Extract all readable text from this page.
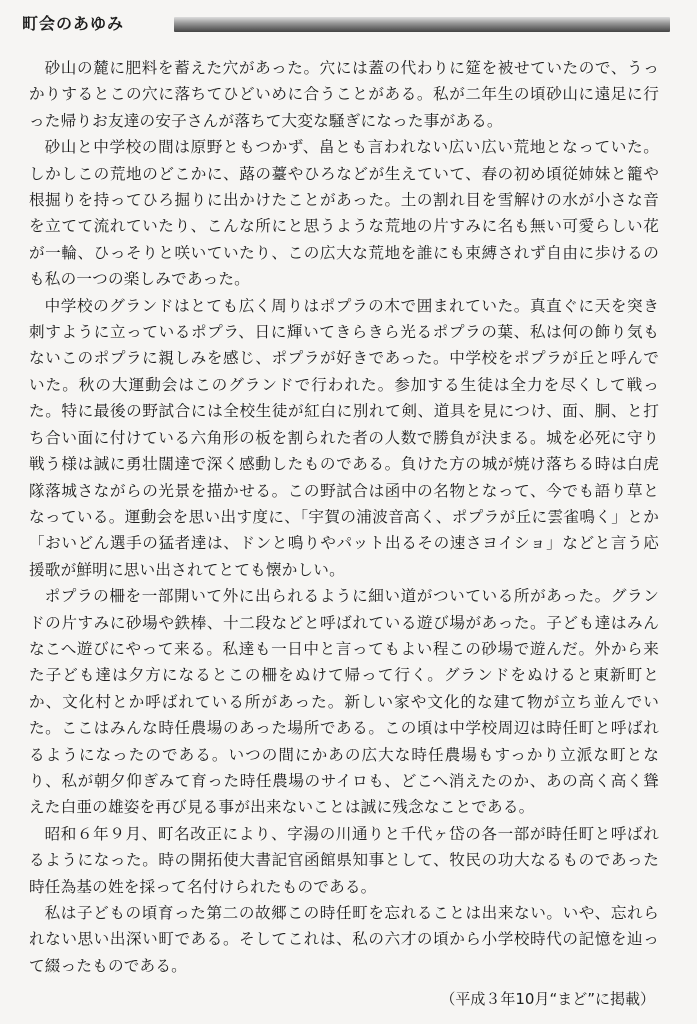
町会のあゆみ

砂山の麓に肥料を蓄えた穴があった。穴には蓋の代わりに筵を被せていたので、うっかりするとこの穴に落ちてひどいめに合うことがある。私が二年生の頃砂山に遠足に行った帰りお友達の安子さんが落ちて大変な騒ぎになった事がある。

砂山と中学校の間は原野ともつかず、畠とも言われない広い広い荒地となっていた。しかしこの荒地のどこかに、蕗の薹やひろなどが生えていて、春の初め頃従姉妹と籠や根掘りを持ってひろ掘りに出かけたことがあった。土の割れ目を雪解けの水が小さな音を立てて流れていたり、こんな所にと思うような荒地の片すみに名も無い可愛らしい花が一輪、ひっそりと咲いていたり、この広大な荒地を誰にも束縛されず自由に歩けるのも私の一つの楽しみであった。

中学校のグランドはとても広く周りはポプラの木で囲まれていた。真直ぐに天を突き刺すように立っているポプラ、日に輝いてきらきら光るポプラの葉、私は何の飾り気もないこのポプラに親しみを感じ、ポプラが好きであった。中学校をポプラが丘と呼んでいた。秋の大運動会はこのグランドで行われた。参加する生徒は全力を尽くして戦った。特に最後の野試合には全校生徒が紅白に別れて剣、道具を見につけ、面、胴、と打ち合い面に付けている六角形の板を割られた者の人数で勝負が決まる。城を必死に守り戦う様は誠に勇壮闊達で深く感動したものである。負けた方の城が焼け落ちる時は白虎隊落城さながらの光景を描かせる。この野試合は函中の名物となって、今でも語り草となっている。運動会を思い出す度に、「宇賀の浦波音高く、ポプラが丘に雲雀鳴く」とか「おいどん選手の猛者達は、ドンと鳴りやパット出るその速さヨイショ」などと言う応援歌が鮮明に思い出されてとても懐かしい。

ポプラの柵を一部開いて外に出られるように細い道がついている所があった。グランドの片すみに砂場や鉄棒、十二段などと呼ばれている遊び場があった。子ども達はみんなこへ遊びにやって来る。私達も一日中と言ってもよい程この砂場で遊んだ。外から来た子ども達は夕方になるとこの柵をぬけて帰って行く。グランドをぬけると東新町とか、文化村とか呼ばれている所があった。新しい家や文化的な建て物が立ち並んでいた。ここはみんな時任農場のあった場所である。この頃は中学校周辺は時任町と呼ばれるようになったのである。いつの間にかあの広大な時任農場もすっかり立派な町となり、私が朝夕仰ぎみて育った時任農場のサイロも、どこへ消えたのか、あの高く高く聳えた白亜の雄姿を再び見る事が出来ないことは誠に残念なことである。

昭和６年９月、町名改正により、字湯の川通りと千代ヶ岱の各一部が時任町と呼ばれるようになった。時の開拓使大書記官函館県知事として、牧民の功大なるものであった時任為基の姓を採って名付けられたものである。

私は子どもの頃育った第二の故郷この時任町を忘れることは出来ない。いや、忘れられない思い出深い町である。そしてこれは、私の六才の頃から小学校時代の記憶を辿って綴ったものである。

（平成３年10月“まど”に掲載）
